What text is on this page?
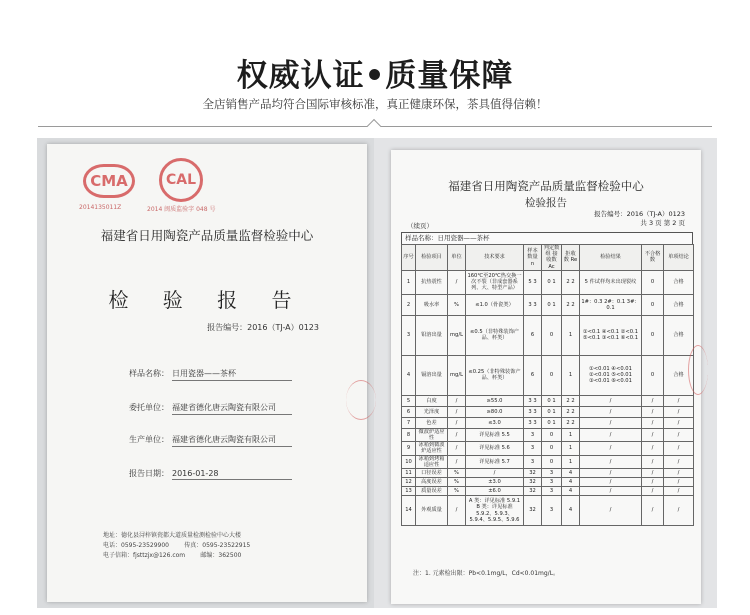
权威认证•质量保障
全店销售产品均符合国际审核标准，真正健康环保，茶具值得信赖！
CMA	CAL
2014135011Z	2014 闽质监验字 048 号
福建省日用陶瓷产品质量监督检验中心
检 验 报 告
报告编号：2016（TJ-A）0123
样品名称： 日用瓷器——茶杯
委托单位： 福建省德化唐云陶瓷有限公司
生产单位： 福建省德化唐云陶瓷有限公司
报告日期： 2016-01-28
地址：德化县浔梓镇瓷都大道质量检测检验中心大楼
电话：0595-23529900	传真：0595-23522915
电子信箱：fjsttzjx@126.com	邮编：362500
福建省日用陶瓷产品质量监督检验中心
检验报告
报告编号：2016（TJ-A）0123
共 3 页 第 2 页
（续页）
样品名称：日用瓷器——茶杯
序号	检验项目	单位	技术要求	样本数量 n	判定数组 接收数 Ac	拒收数 Re	检验结果	不合格数	单项结论
1	抗热震性	/	160℃至20℃热交换一次不裂（非成套器系列、大、特型产品）	5 3	0 1	2 2	5 件试样均未出现裂纹	0	合格
2	吸水率	%	≤1.0（骨瓷类）	3 3	0 1	2 2	1#：0.3 2#：0.1 3#：0.1	0	合格
3	铅溶出量	mg/L	≤0.5（非特殊装饰产品、杯类）	6	0	1	①<0.1 ④<0.1 ②<0.1 ⑤<0.1 ③<0.1 ⑥<0.1	0	合格
4	镉溶出量	mg/L	≤0.25（非特殊装饰产品、杯类）	6	0	1	①<0.01 ④<0.01 ②<0.01 ⑤<0.01 ③<0.01 ⑥<0.01	0	合格
5	白度	/	≥55.0	3 3	0 1	2 2	/	/	/
6	光泽度	/	≥80.0	3 3	0 1	2 2	/	/	/
7	色差	/	≤3.0	3 3	0 1	2 2	/	/	/
8	微波炉适应性	/	详见标准 5.5	3	0	1	/	/	/
9	冰箱到微波炉适应性	/	详见标准 5.6	3	0	1	/	/	/
10	冰箱到烤箱适应性	/	详见标准 5.7	3	0	1	/	/	/
11	口径误差	%	/	32	3	4	/	/	/
12	高度误差	%	±3.0	32	3	4	/	/	/
13	质量误差	%	±6.0	32	3	4	/	/	/
14	外观质量	/	A 类：详见标准 5.9.1 B 类：详见标准 5.9.2、5.9.3、5.9.4、5.9.5、5.9.6	32	3	4	/	/	/
注：1. 元素检出限：Pb<0.1mg/L，Cd<0.01mg/L。
